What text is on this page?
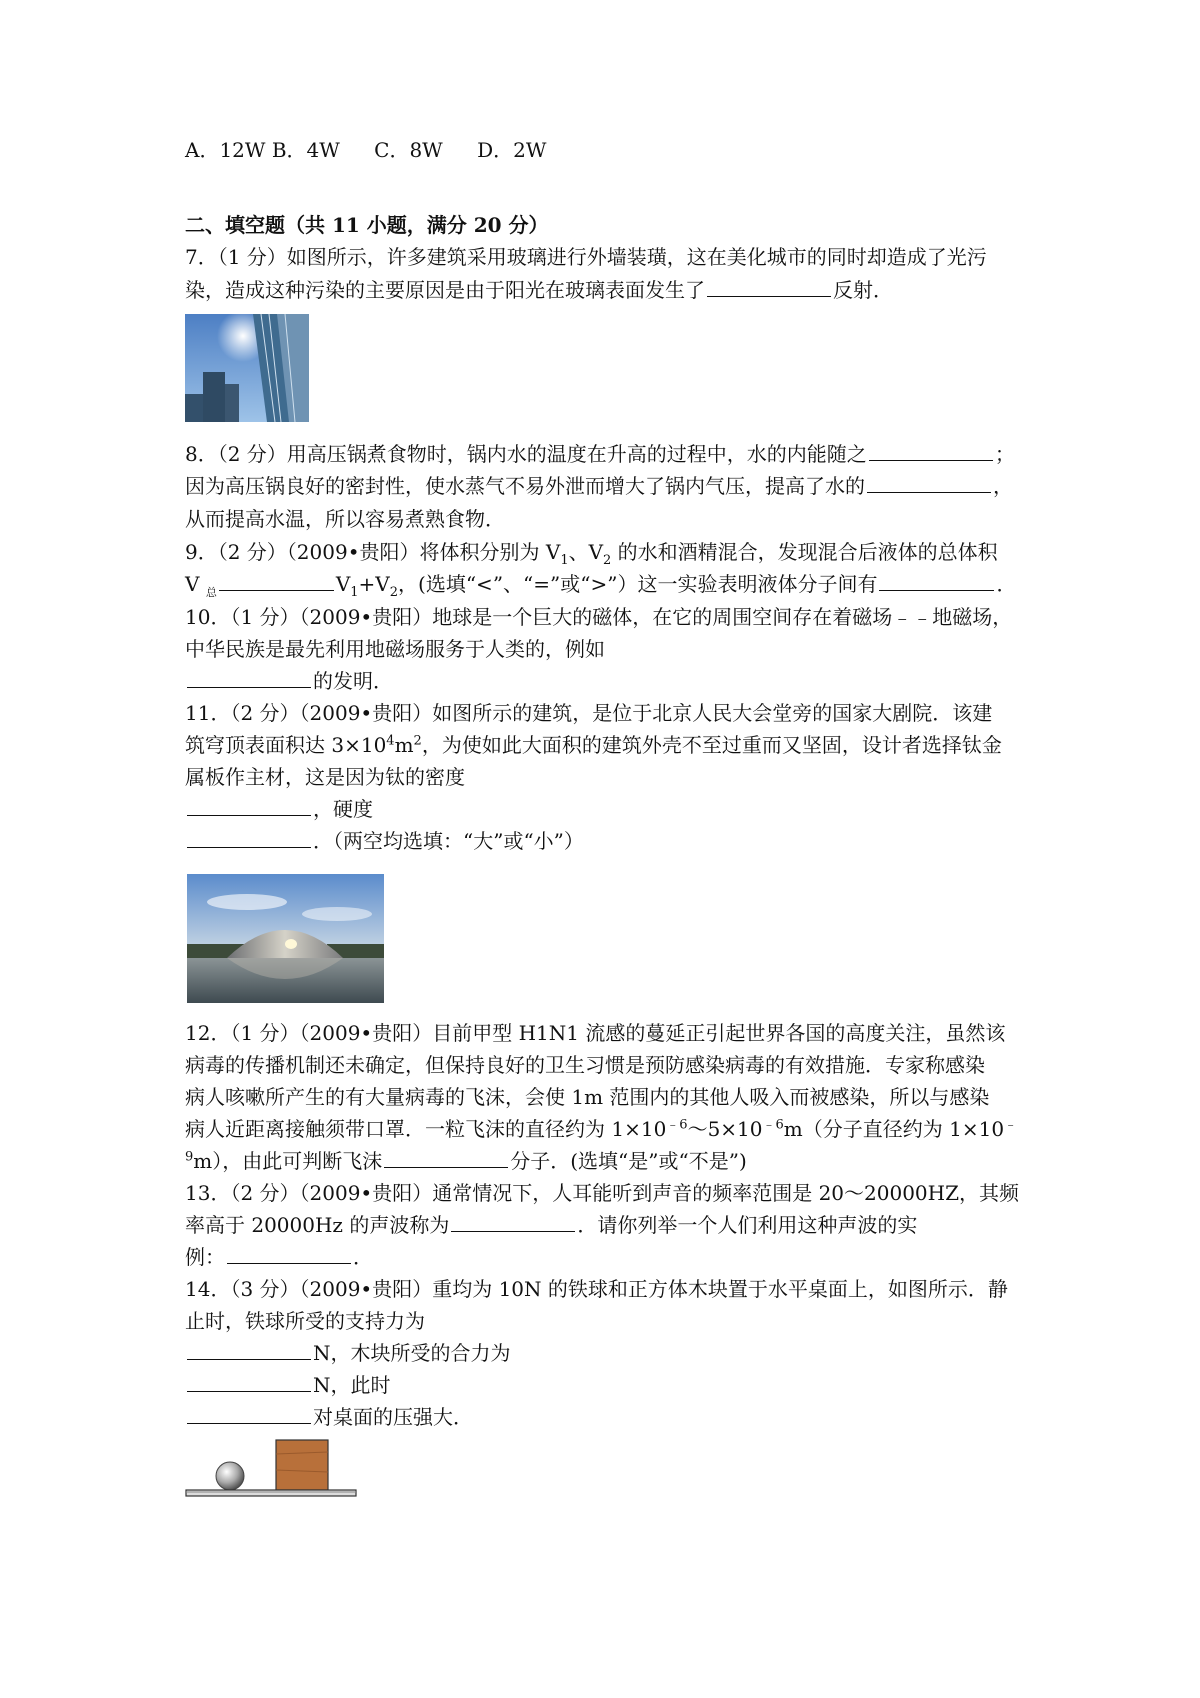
A．12W B．4W C．8W D．2W
二、填空题（共 11 小题，满分 20 分）
7．（1 分）如图所示，许多建筑采用玻璃进行外墙装璜，这在美化城市的同时却造成了光污
染，造成这种污染的主要原因是由于阳光在玻璃表面发生了	反射．
8．（2 分）用高压锅煮食物时，锅内水的温度在升高的过程中，水的内能随之	；
因为高压锅良好的密封性，使水蒸气不易外泄而增大了锅内气压，提高了水的	，
从而提高水温，所以容易煮熟食物．
9．（2 分）（2009•贵阳）将体积分别为 $V_1$、$V_2$ 的水和酒精混合，发现混合后液体的总体积
V $_总$	$V_1+V_2$，(选填“<”、“=”或“>”）这一实验表明液体分子间有	．
10．（1 分）（2009•贵阳）地球是一个巨大的磁体，在它的周围空间存在着磁场﹣﹣地磁场，
中华民族是最先利用地磁场服务于人类的，例如
的发明．
11．（2 分）（2009•贵阳）如图所示的建筑，是位于北京人民大会堂旁的国家大剧院．该建
筑穹顶表面积达 $3\times 10^4m^2$，为使如此大面积的建筑外壳不至过重而又坚固，设计者选择钛金
属板作主材，这是因为钛的密度
，硬度
．（两空均选填：“大”或“小”）
12．（1 分）（2009•贵阳）目前甲型 H1N1 流感的蔓延正引起世界各国的高度关注，虽然该
病毒的传播机制还未确定，但保持良好的卫生习惯是预防感染病毒的有效措施．专家称感染
病人咳嗽所产生的有大量病毒的飞沫，会使 1m 范围内的其他人吸入而被感染，所以与感染
病人近距离接触须带口罩．一粒飞沫的直径约为 $1\times 10^{﹣6}\sim 5\times 10^{﹣6}m$（分子直径约为 1×10﹣
$^9$m），由此可判断飞沫	分子．(选填“是”或“不是”)
13．（2 分）（2009•贵阳）通常情况下，人耳能听到声音的频率范围是 20～20000HZ，其频
率高于 20000Hz 的声波称为	．请你列举一个人们利用这种声波的实
例：	．
14．（3 分）（2009•贵阳）重均为 10N 的铁球和正方体木块置于水平桌面上，如图所示．静
止时，铁球所受的支持力为
N，木块所受的合力为
N，此时
对桌面的压强大．
